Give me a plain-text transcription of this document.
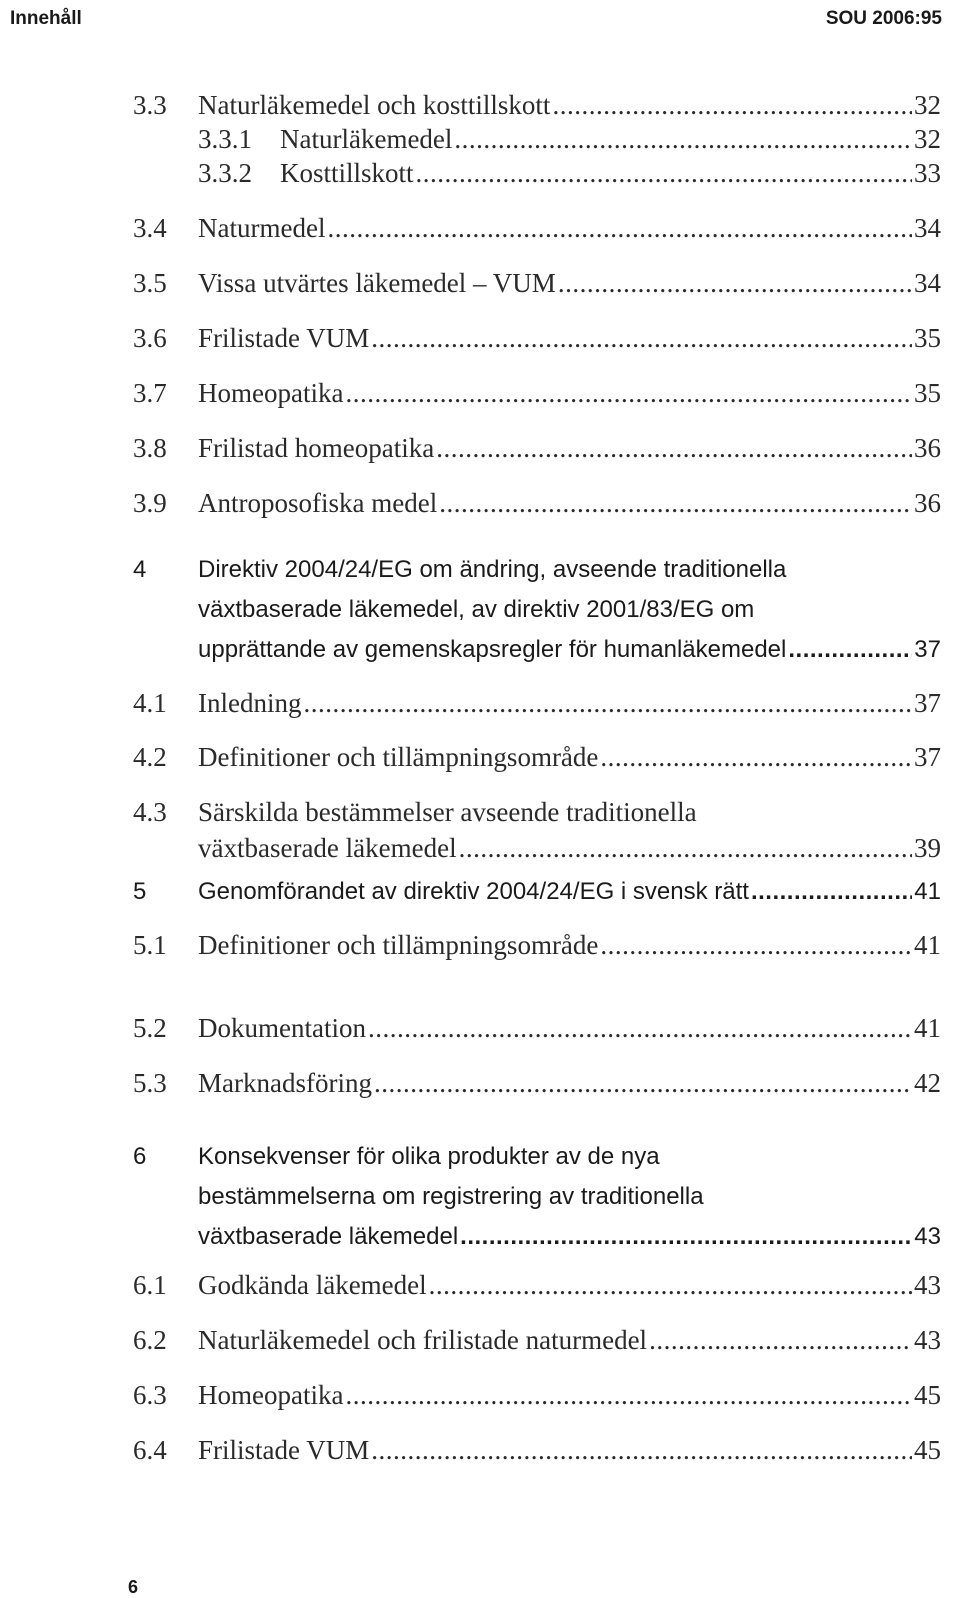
Innehåll	SOU 2006:95
3.3	Naturläkemedel och kosttillskott .....	32
3.3.1	Naturläkemedel .....	32
3.3.2	Kosttillskott .....	33
3.4	Naturmedel .....	34
3.5	Vissa utvärtes läkemedel – VUM .....	34
3.6	Frilistade VUM .....	35
3.7	Homeopatika .....	35
3.8	Frilistad homeopatika .....	36
3.9	Antroposofiska medel .....	36
4	Direktiv 2004/24/EG om ändring, avseende traditionella
växtbaserade läkemedel, av direktiv 2001/83/EG om
upprättande av gemenskapsregler för humanläkemedel .....	37
4.1	Inledning .....	37
4.2	Definitioner och tillämpningsområde .....	37
4.3	Särskilda bestämmelser avseende traditionella
växtbaserade läkemedel .....	39
5	Genomförandet av direktiv 2004/24/EG i svensk rätt .....	41
5.1	Definitioner och tillämpningsområde .....	41
5.2	Dokumentation .....	41
5.3	Marknadsföring .....	42
6	Konsekvenser för olika produkter av de nya
bestämmelserna om registrering av traditionella
växtbaserade läkemedel .....	43
6.1	Godkända läkemedel .....	43
6.2	Naturläkemedel och frilistade naturmedel .....	43
6.3	Homeopatika .....	45
6.4	Frilistade VUM .....	45
6
